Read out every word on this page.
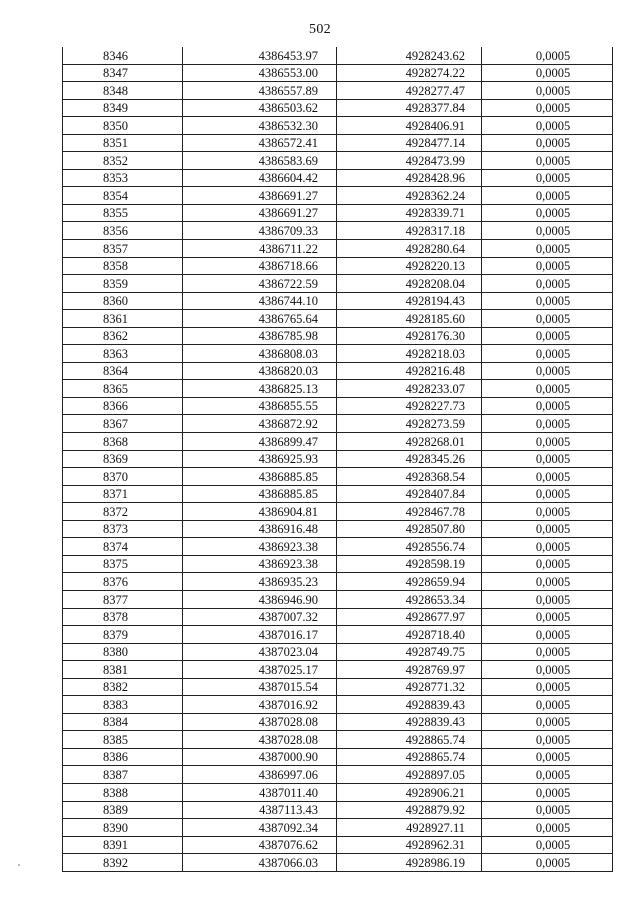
502
8346	4386453.97	4928243.62	0,0005
8347	4386553.00	4928274.22	0,0005
8348	4386557.89	4928277.47	0,0005
8349	4386503.62	4928377.84	0,0005
8350	4386532.30	4928406.91	0,0005
8351	4386572.41	4928477.14	0,0005
8352	4386583.69	4928473.99	0,0005
8353	4386604.42	4928428.96	0,0005
8354	4386691.27	4928362.24	0,0005
8355	4386691.27	4928339.71	0,0005
8356	4386709.33	4928317.18	0,0005
8357	4386711.22	4928280.64	0,0005
8358	4386718.66	4928220.13	0,0005
8359	4386722.59	4928208.04	0,0005
8360	4386744.10	4928194.43	0,0005
8361	4386765.64	4928185.60	0,0005
8362	4386785.98	4928176.30	0,0005
8363	4386808.03	4928218.03	0,0005
8364	4386820.03	4928216.48	0,0005
8365	4386825.13	4928233.07	0,0005
8366	4386855.55	4928227.73	0,0005
8367	4386872.92	4928273.59	0,0005
8368	4386899.47	4928268.01	0,0005
8369	4386925.93	4928345.26	0,0005
8370	4386885.85	4928368.54	0,0005
8371	4386885.85	4928407.84	0,0005
8372	4386904.81	4928467.78	0,0005
8373	4386916.48	4928507.80	0,0005
8374	4386923.38	4928556.74	0,0005
8375	4386923.38	4928598.19	0,0005
8376	4386935.23	4928659.94	0,0005
8377	4386946.90	4928653.34	0,0005
8378	4387007.32	4928677.97	0,0005
8379	4387016.17	4928718.40	0,0005
8380	4387023.04	4928749.75	0,0005
8381	4387025.17	4928769.97	0,0005
8382	4387015.54	4928771.32	0,0005
8383	4387016.92	4928839.43	0,0005
8384	4387028.08	4928839.43	0,0005
8385	4387028.08	4928865.74	0,0005
8386	4387000.90	4928865.74	0,0005
8387	4386997.06	4928897.05	0,0005
8388	4387011.40	4928906.21	0,0005
8389	4387113.43	4928879.92	0,0005
8390	4387092.34	4928927.11	0,0005
8391	4387076.62	4928962.31	0,0005
8392	4387066.03	4928986.19	0,0005
